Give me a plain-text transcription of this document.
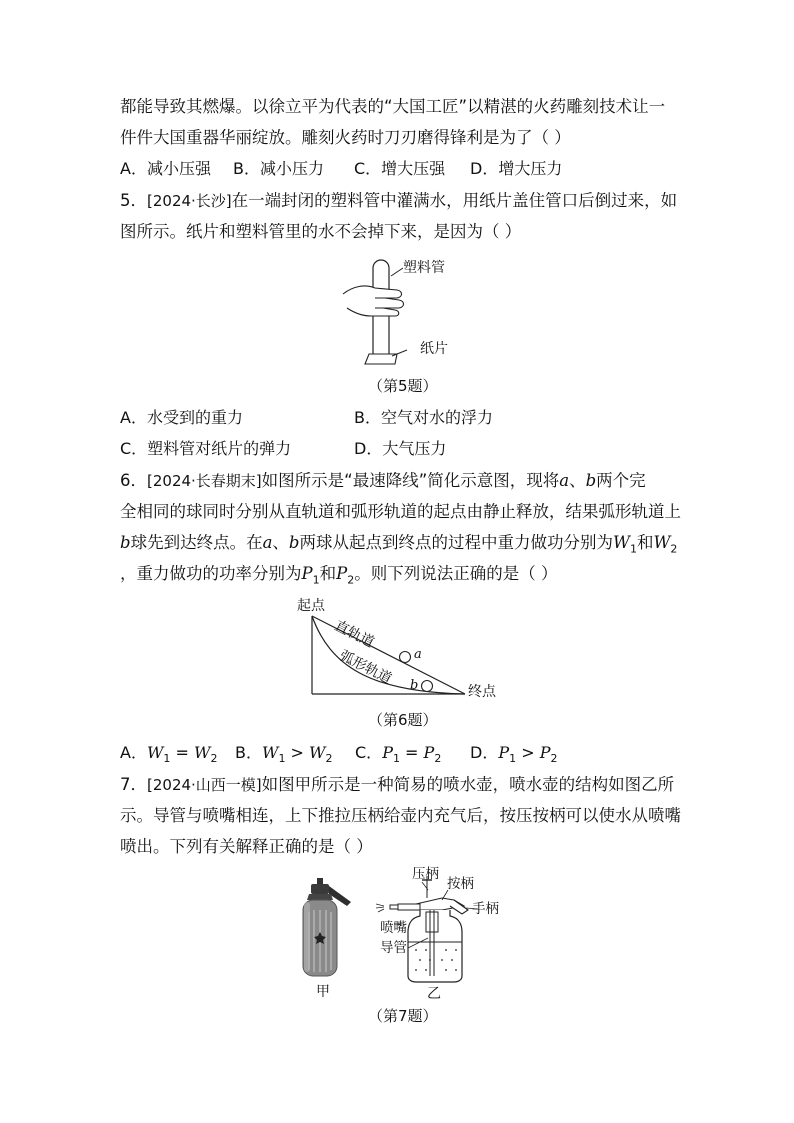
都能导致其燃爆。以徐立平为代表的“大国工匠”以精湛的火药雕刻技术让一
件件大国重器华丽绽放。雕刻火药时刀刃磨得锋利是为了（ ）
A．减小压强 B．减小压力 C．增大压强 D．增大压力
5．[2024·长沙]在一端封闭的塑料管中灌满水，用纸片盖住管口后倒过来，如
图所示。纸片和塑料管里的水不会掉下来，是因为（ ）
塑料管
纸片
（第5题）
A．水受到的重力	B．空气对水的浮力
C．塑料管对纸片的弹力	D．大气压力
6．[2024·长春期末]如图所示是“最速降线”简化示意图，现将a、b两个完
全相同的球同时分别从直轨道和弧形轨道的起点由静止释放，结果弧形轨道上
b球先到达终点。在a、b两球从起点到终点的过程中重力做功分别为$W_1$和$W_2$
，重力做功的功率分别为$P_1$和$P_2$。则下列说法正确的是（ ）
起点
直轨道
弧形轨道 a
b	终点
（第6题）
A．$W_1 = W_2$ B．$W_1 > W_2$ C．$P_1 = P_2$ D．$P_1 > P_2$
7．[2024·山西一模]如图甲所示是一种简易的喷水壶，喷水壶的结构如图乙所
示。导管与喷嘴相连，上下推拉压柄给壶内充气后，按压按柄可以使水从喷嘴
喷出。下列有关解释正确的是（ ）
甲
压柄
按柄
手柄
喷嘴
导管
乙
（第7题）
